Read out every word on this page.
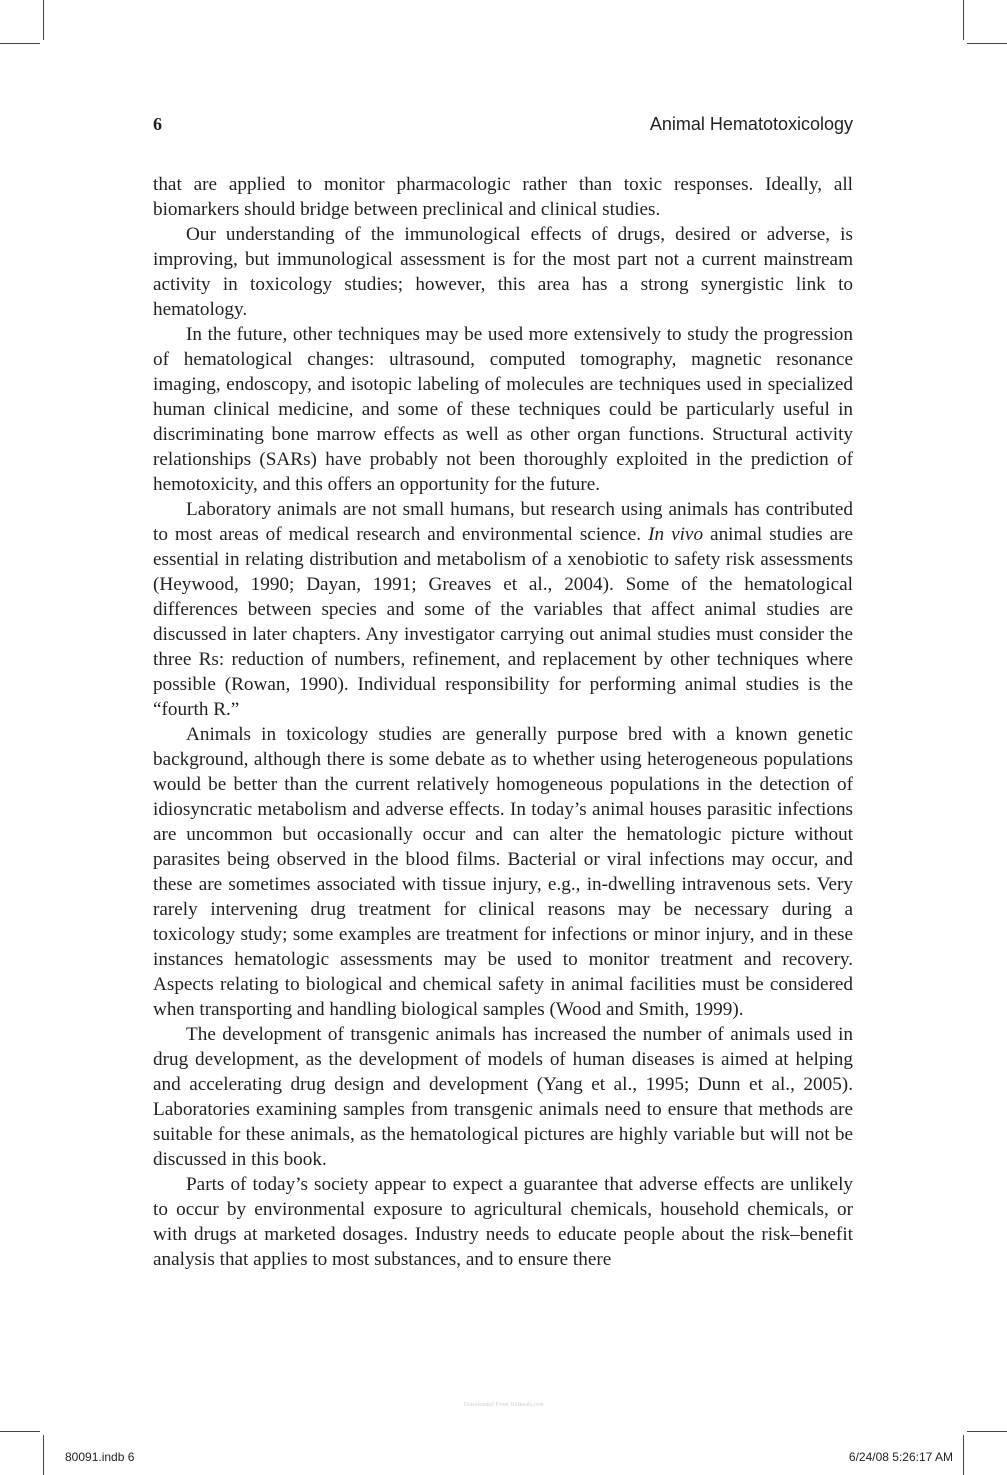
6	Animal Hematotoxicology

that are applied to monitor pharmacologic rather than toxic responses. Ideally, all biomarkers should bridge between preclinical and clinical studies.

Our understanding of the immunological effects of drugs, desired or adverse, is improving, but immunological assessment is for the most part not a current mainstream activity in toxicology studies; however, this area has a strong synergistic link to hematology.

In the future, other techniques may be used more extensively to study the progression of hematological changes: ultrasound, computed tomography, magnetic resonance imaging, endoscopy, and isotopic labeling of molecules are techniques used in specialized human clinical medicine, and some of these techniques could be particularly useful in discriminating bone marrow effects as well as other organ functions. Structural activity relationships (SARs) have probably not been thoroughly exploited in the prediction of hemotoxicity, and this offers an opportunity for the future.

Laboratory animals are not small humans, but research using animals has contributed to most areas of medical research and environmental science. In vivo animal studies are essential in relating distribution and metabolism of a xenobiotic to safety risk assessments (Heywood, 1990; Dayan, 1991; Greaves et al., 2004). Some of the hematological differences between species and some of the variables that affect animal studies are discussed in later chapters. Any investigator carrying out animal studies must consider the three Rs: reduction of numbers, refinement, and replacement by other techniques where possible (Rowan, 1990). Individual responsibility for performing animal studies is the “fourth R.”

Animals in toxicology studies are generally purpose bred with a known genetic background, although there is some debate as to whether using heterogeneous populations would be better than the current relatively homogeneous populations in the detection of idiosyncratic metabolism and adverse effects. In today’s animal houses parasitic infections are uncommon but occasionally occur and can alter the hematologic picture without parasites being observed in the blood films. Bacterial or viral infections may occur, and these are sometimes associated with tissue injury, e.g., in-dwelling intravenous sets. Very rarely intervening drug treatment for clinical reasons may be necessary during a toxicology study; some examples are treatment for infections or minor injury, and in these instances hematologic assessments may be used to monitor treatment and recovery. Aspects relating to biological and chemical safety in animal facilities must be considered when transporting and handling biological samples (Wood and Smith, 1999).

The development of transgenic animals has increased the number of animals used in drug development, as the development of models of human diseases is aimed at helping and accelerating drug design and development (Yang et al., 1995; Dunn et al., 2005). Laboratories examining samples from transgenic animals need to ensure that methods are suitable for these animals, as the hematological pictures are highly variable but will not be discussed in this book.

Parts of today’s society appear to expect a guarantee that adverse effects are unlikely to occur by environmental exposure to agricultural chemicals, household chemicals, or with drugs at marketed dosages. Industry needs to educate people about the risk–benefit analysis that applies to most substances, and to ensure there

Downloaded From VetBooks.com
80091.indb 6	6/24/08 5:26:17 AM
